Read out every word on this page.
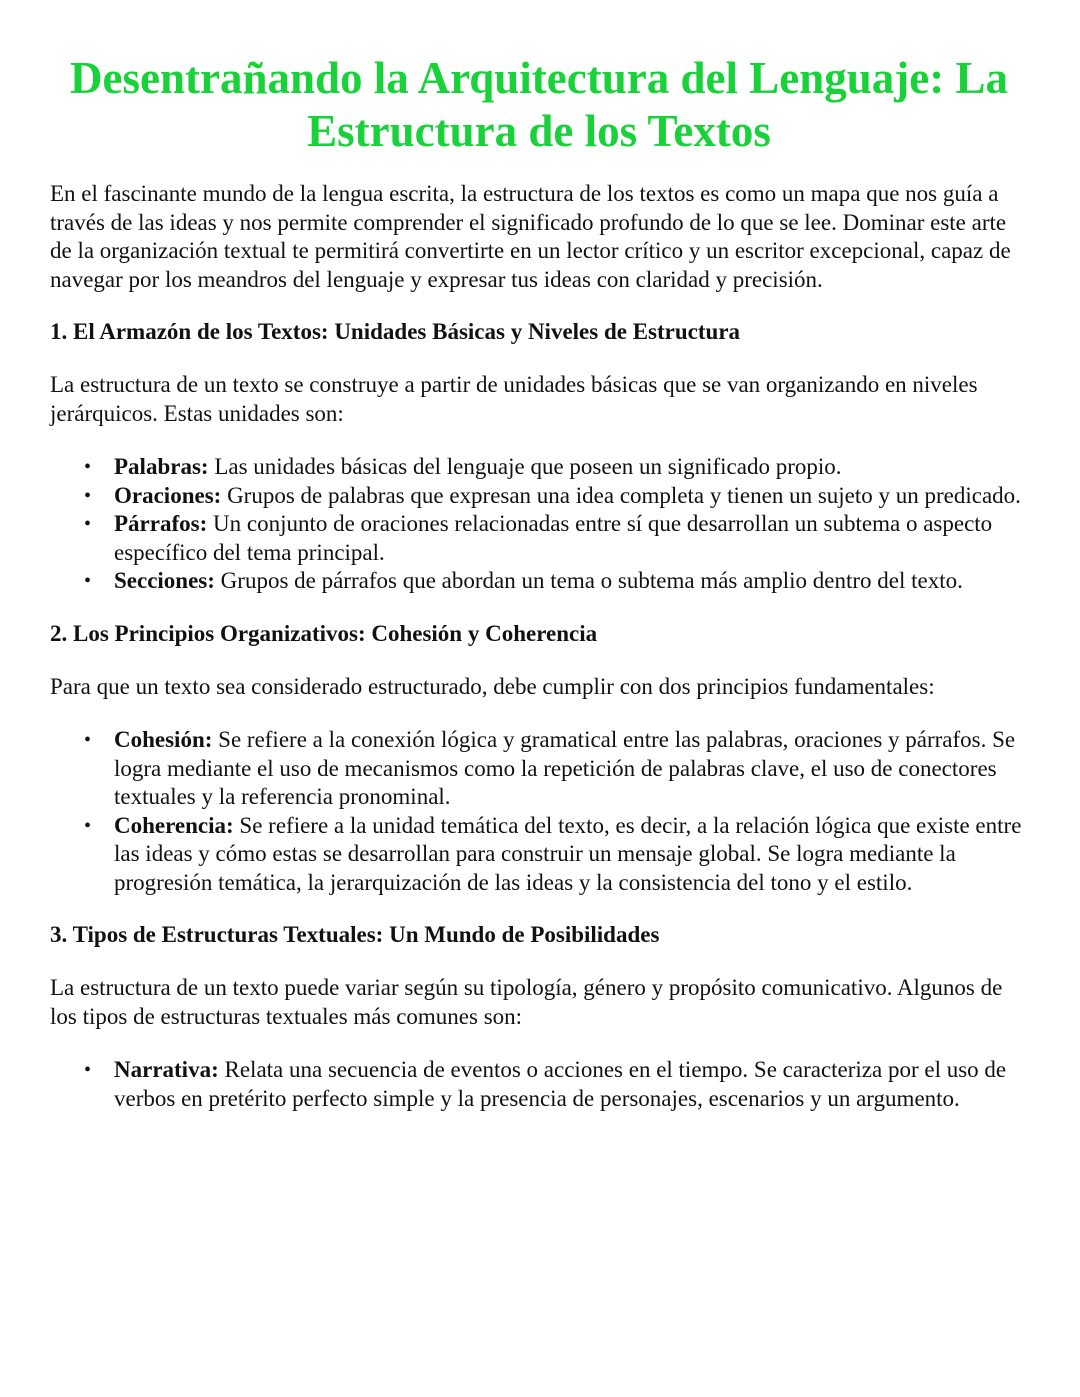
Desentrañando la Arquitectura del Lenguaje: La Estructura de los Textos

En el fascinante mundo de la lengua escrita, la estructura de los textos es como un mapa que nos guía a través de las ideas y nos permite comprender el significado profundo de lo que se lee. Dominar este arte de la organización textual te permitirá convertirte en un lector crítico y un escritor excepcional, capaz de navegar por los meandros del lenguaje y expresar tus ideas con claridad y precisión.

1. El Armazón de los Textos: Unidades Básicas y Niveles de Estructura

La estructura de un texto se construye a partir de unidades básicas que se van organizando en niveles jerárquicos. Estas unidades son:

• Palabras: Las unidades básicas del lenguaje que poseen un significado propio.
• Oraciones: Grupos de palabras que expresan una idea completa y tienen un sujeto y un predicado.
• Párrafos: Un conjunto de oraciones relacionadas entre sí que desarrollan un subtema o aspecto específico del tema principal.
• Secciones: Grupos de párrafos que abordan un tema o subtema más amplio dentro del texto.
2. Los Principios Organizativos: Cohesión y Coherencia

Para que un texto sea considerado estructurado, debe cumplir con dos principios fundamentales:

• Cohesión: Se refiere a la conexión lógica y gramatical entre las palabras, oraciones y párrafos. Se logra mediante el uso de mecanismos como la repetición de palabras clave, el uso de conectores textuales y la referencia pronominal.
• Coherencia: Se refiere a la unidad temática del texto, es decir, a la relación lógica que existe entre las ideas y cómo estas se desarrollan para construir un mensaje global. Se logra mediante la progresión temática, la jerarquización de las ideas y la consistencia del tono y el estilo.
3. Tipos de Estructuras Textuales: Un Mundo de Posibilidades

La estructura de un texto puede variar según su tipología, género y propósito comunicativo. Algunos de los tipos de estructuras textuales más comunes son:

• Narrativa: Relata una secuencia de eventos o acciones en el tiempo. Se caracteriza por el uso de verbos en pretérito perfecto simple y la presencia de personajes, escenarios y un argumento.
